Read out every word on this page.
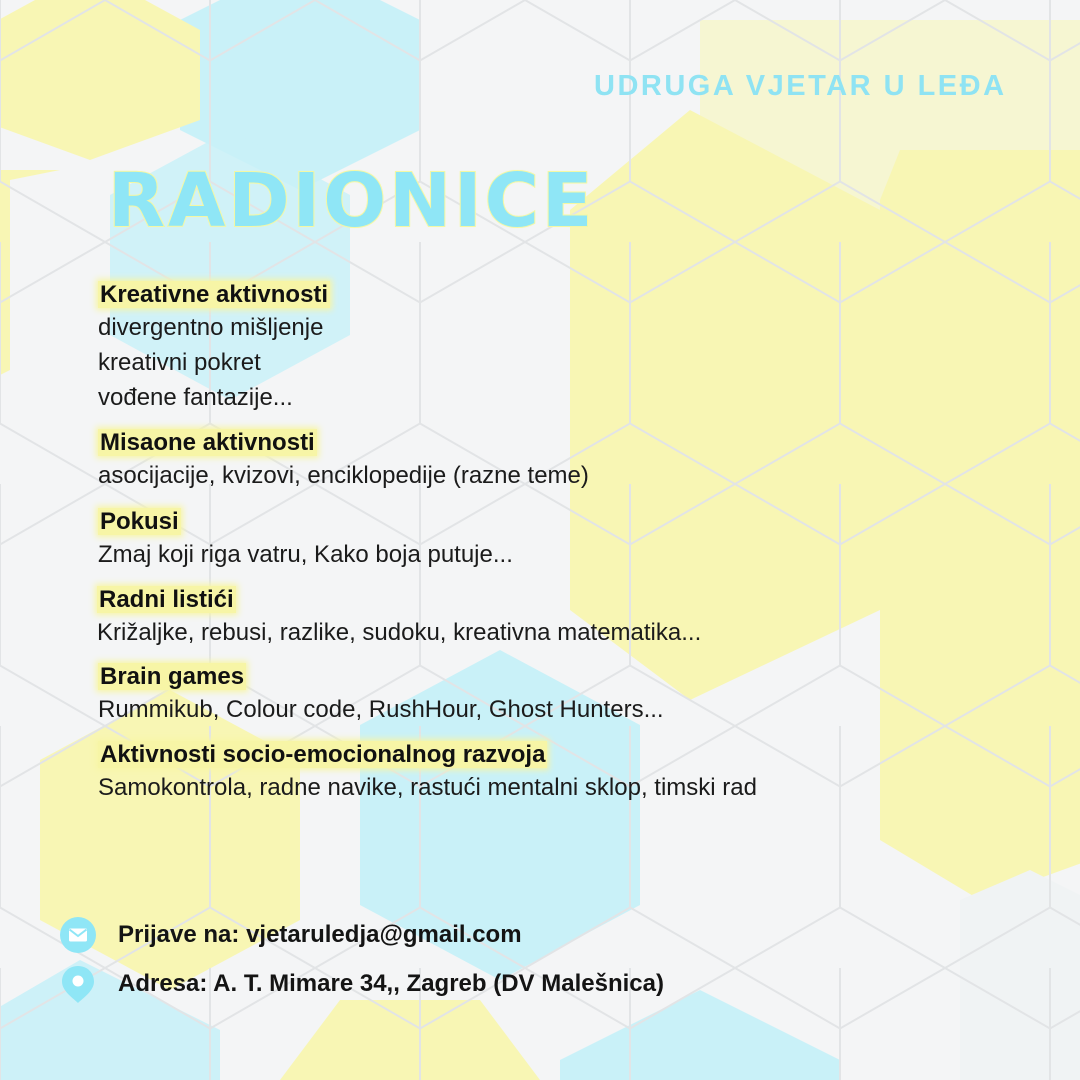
UDRUGA VJETAR U LEĐA
RADIONICE

Kreativne aktivnosti

divergentno mišljenje

kreativni pokret

vođene fantazije...

Misaone aktivnosti

asocijacije, kvizovi, enciklopedije (razne teme)

Pokusi

Zmaj koji riga vatru, Kako boja putuje...

Radni listići

Križaljke, rebusi, razlike, sudoku, kreativna matematika...

Brain games

Rummikub, Colour code, RushHour, Ghost Hunters...

Aktivnosti socio-emocionalnog razvoja

Samokontrola, radne navike, rastući mentalni sklop, timski rad

Prijave na: vjetaruledja@gmail.com
Adresa: A. T. Mimare 34,, Zagreb (DV Malešnica)
